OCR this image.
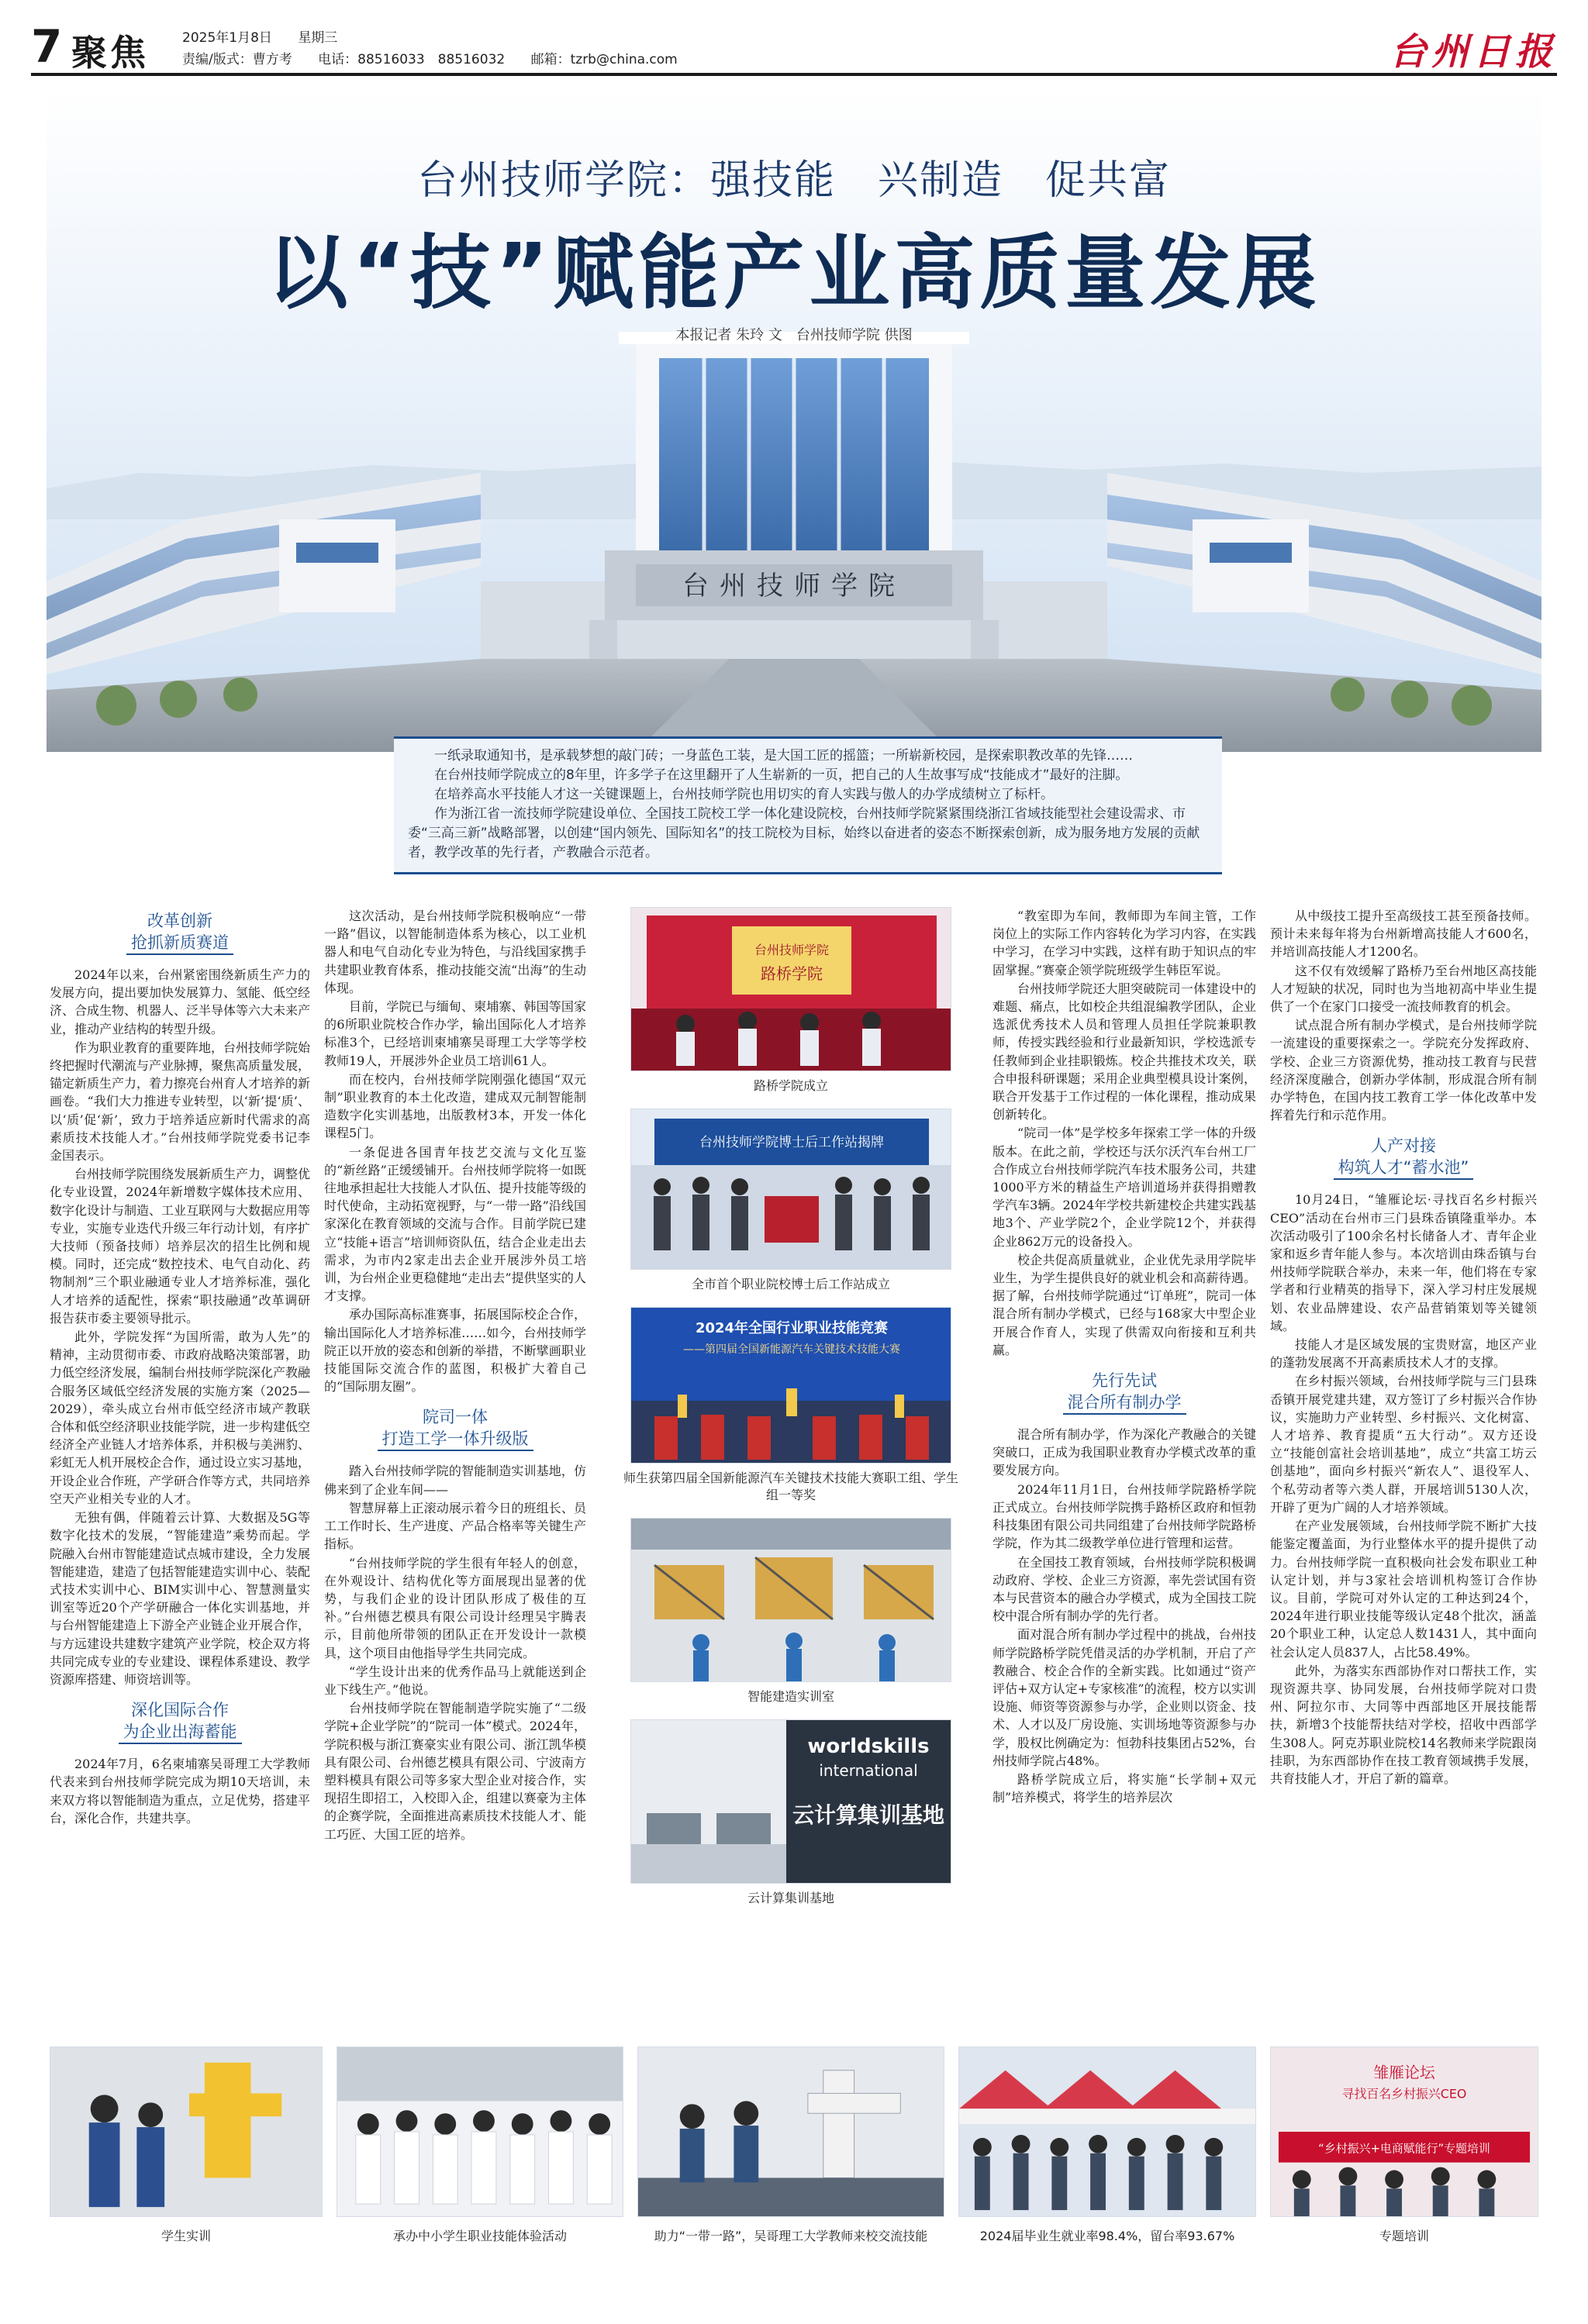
7 聚焦	2025年1月8日 星期三
责编/版式：曹方考 电话：88516033　88516032 邮箱：tzrb@china.com	台州日报
台州技师学院
台州技师学院：强技能　兴制造　促共富
以“技”赋能产业高质量发展
本报记者 朱玲 文　台州技师学院 供图

一纸录取通知书，是承载梦想的敲门砖；一身蓝色工装，是大国工匠的摇篮；一所崭新校园，是探索职教改革的先锋……

在台州技师学院成立的8年里，许多学子在这里翻开了人生崭新的一页，把自己的人生故事写成“技能成才”最好的注脚。

在培养高水平技能人才这一关键课题上，台州技师学院也用切实的育人实践与傲人的办学成绩树立了标杆。

作为浙江省一流技师学院建设单位、全国技工院校工学一体化建设院校，台州技师学院紧紧围绕浙江省域技能型社会建设需求、市委“三高三新”战略部署，以创建“国内领先、国际知名”的技工院校为目标，始终以奋进者的姿态不断探索创新，成为服务地方发展的贡献者，教学改革的先行者，产教融合示范者。

改革创新
抢抓新质赛道

2024年以来，台州紧密围绕新质生产力的发展方向，提出要加快发展算力、氢能、低空经济、合成生物、机器人、泛半导体等六大未来产业，推动产业结构的转型升级。

作为职业教育的重要阵地，台州技师学院始终把握时代潮流与产业脉搏，聚焦高质量发展，锚定新质生产力，着力擦亮台州育人才培养的新画卷。“我们大力推进专业转型，以‘新’提‘质’、以‘质’促‘新’，致力于培养适应新时代需求的高素质技术技能人才。”台州技师学院党委书记李金国表示。

台州技师学院围绕发展新质生产力，调整优化专业设置，2024年新增数字媒体技术应用、数字化设计与制造、工业互联网与大数据应用等专业，实施专业迭代升级三年行动计划，有序扩大技师（预备技师）培养层次的招生比例和规模。同时，还完成“数控技术、电气自动化、药物制剂”三个职业融通专业人才培养标准，强化人才培养的适配性，探索“职技融通”改革调研报告获市委主要领导批示。

此外，学院发挥“为国所需，敢为人先”的精神，主动贯彻市委、市政府战略决策部署，助力低空经济发展，编制台州技师学院深化产教融合服务区域低空经济发展的实施方案（2025—2029），牵头成立台州市低空经济市域产教联合体和低空经济职业技能学院，进一步构建低空经济全产业链人才培养体系，并积极与美洲豹、彩虹无人机开展校企合作，通过设立实习基地，开设企业合作班，产学研合作等方式，共同培养空天产业相关专业的人才。

无独有偶，伴随着云计算、大数据及5G等数字化技术的发展，“智能建造”乘势而起。学院融入台州市智能建造试点城市建设，全力发展智能建造，建造了包括智能建造实训中心、装配式技术实训中心、BIM实训中心、智慧测量实训室等近20个产学研融合一体化实训基地，并与台州智能建造上下游全产业链企业开展合作，与方远建设共建数字建筑产业学院，校企双方将共同完成专业的专业建设、课程体系建设、教学资源库搭建、师资培训等。

深化国际合作
为企业出海蓄能

2024年7月，6名柬埔寨吴哥理工大学教师代表来到台州技师学院完成为期10天培训，未来双方将以智能制造为重点，立足优势，搭建平台，深化合作，共建共享。

这次活动，是台州技师学院积极响应“一带一路”倡议，以智能制造体系为核心，以工业机器人和电气自动化专业为特色，与沿线国家携手共建职业教育体系，推动技能交流“出海”的生动体现。

目前，学院已与缅甸、柬埔寨、韩国等国家的6所职业院校合作办学，输出国际化人才培养标准3个，已经培训柬埔寨吴哥理工大学等学校教师19人，开展涉外企业员工培训61人。

而在校内，台州技师学院刚强化德国“双元制”职业教育的本土化改造，建成双元制智能制造数字化实训基地，出版教材3本，开发一体化课程5门。

一条促进各国青年技艺交流与文化互鉴的“新丝路”正缓缓铺开。台州技师学院将一如既往地承担起壮大技能人才队伍、提升技能等级的时代使命，主动拓宽视野，与“一带一路”沿线国家深化在教育领域的交流与合作。目前学院已建立“技能+语言”培训师资队伍，结合企业走出去需求，为市内2家走出去企业开展涉外员工培训，为台州企业更稳健地“走出去”提供坚实的人才支撑。

承办国际高标准赛事，拓展国际校企合作，输出国际化人才培养标准……如今，台州技师学院正以开放的姿态和创新的举措，不断擘画职业技能国际交流合作的蓝图，积极扩大着自己的“国际朋友圈”。

院司一体
打造工学一体升级版

踏入台州技师学院的智能制造实训基地，仿佛来到了企业车间——

智慧屏幕上正滚动展示着今日的班组长、员工工作时长、生产进度、产品合格率等关键生产指标。

“台州技师学院的学生很有年轻人的创意，在外观设计、结构优化等方面展现出显著的优势，与我们企业的设计团队形成了极佳的互补。”台州德艺模具有限公司设计经理吴宇腾表示，目前他所带领的团队正在开发设计一款模具，这个项目由他指导学生共同完成。

“学生设计出来的优秀作品马上就能送到企业下线生产。”他说。

台州技师学院在智能制造学院实施了“二级学院+企业学院”的“院司一体”模式。2024年，学院积极与浙江赛豪实业有限公司、浙江凯华模具有限公司、台州德艺模具有限公司、宁波南方塑料模具有限公司等多家大型企业对接合作，实现招生即招工，入校即入企，组建以赛豪为主体的企赛学院，全面推进高素质技术技能人才、能工巧匠、大国工匠的培养。

台州技师学院
路桥学院
路桥学院成立
台州技师学院博士后工作站揭牌
全市首个职业院校博士后工作站成立
2024年全国行业职业技能竞赛
——第四届全国新能源汽车关键技术技能大赛
师生获第四届全国新能源汽车关键技术技能大赛职工组、学生组一等奖
智能建造实训室
worldskills
international
云计算集训基地
云计算集训基地

“教室即为车间，教师即为车间主管，工作岗位上的实际工作内容转化为学习内容，在实践中学习，在学习中实践，这样有助于知识点的牢固掌握。”赛豪企领学院班级学生韩臣军说。

台州技师学院还大胆突破院司一体建设中的难题、痛点，比如校企共组混编教学团队，企业选派优秀技术人员和管理人员担任学院兼职教师，传授实践经验和行业最新知识，学校选派专任教师到企业挂职锻炼。校企共推技术攻关，联合申报科研课题；采用企业典型模具设计案例，联合开发基于工作过程的一体化课程，推动成果创新转化。

“院司一体”是学校多年探索工学一体的升级版本。在此之前，学校还与沃尔沃汽车台州工厂合作成立台州技师学院汽车技术服务公司，共建1000平方米的精益生产培训道场并获得捐赠教学汽车3辆。2024年学校共新建校企共建实践基地3个、产业学院2个，企业学院12个，并获得企业862万元的设备投入。

校企共促高质量就业，企业优先录用学院毕业生，为学生提供良好的就业机会和高薪待遇。据了解，台州技师学院通过“订单班”，院司一体混合所有制办学模式，已经与168家大中型企业开展合作育人，实现了供需双向衔接和互利共赢。

先行先试
混合所有制办学

混合所有制办学，作为深化产教融合的关键突破口，正成为我国职业教育办学模式改革的重要发展方向。

2024年11月1日，台州技师学院路桥学院正式成立。台州技师学院携手路桥区政府和恒勃科技集团有限公司共同组建了台州技师学院路桥学院，作为其二级教学单位进行管理和运营。

在全国技工教育领域，台州技师学院积极调动政府、学校、企业三方资源，率先尝试国有资本与民营资本的融合办学模式，成为全国技工院校中混合所有制办学的先行者。

面对混合所有制办学过程中的挑战，台州技师学院路桥学院凭借灵活的办学机制，开启了产教融合、校企合作的全新实践。比如通过“资产评估+双方认定+专家核准”的流程，校方以实训设施、师资等资源参与办学，企业则以资金、技术、人才以及厂房设施、实训场地等资源参与办学，股权比例确定为：恒勃科技集团占52%，台州技师学院占48%。

路桥学院成立后，将实施“长学制+双元制”培养模式，将学生的培养层次

从中级技工提升至高级技工甚至预备技师。预计未来每年将为台州新增高技能人才600名，并培训高技能人才1200名。

这不仅有效缓解了路桥乃至台州地区高技能人才短缺的状况，同时也为当地初高中毕业生提供了一个在家门口接受一流技师教育的机会。

试点混合所有制办学模式，是台州技师学院一流建设的重要探索之一。学院充分发挥政府、学校、企业三方资源优势，推动技工教育与民营经济深度融合，创新办学体制，形成混合所有制办学特色，在国内技工教育工学一体化改革中发挥着先行和示范作用。

人产对接
构筑人才“蓄水池”

10月24日，“雏雁论坛·寻找百名乡村振兴CEO”活动在台州市三门县珠岙镇隆重举办。本次活动吸引了100余名村长储备人才、青年企业家和返乡青年能人参与。本次培训由珠岙镇与台州技师学院联合举办，未来一年，他们将在专家学者和行业精英的指导下，深入学习村庄发展规划、农业品牌建设、农产品营销策划等关键领域。

技能人才是区域发展的宝贵财富，地区产业的蓬勃发展离不开高素质技术人才的支撑。

在乡村振兴领域，台州技师学院与三门县珠岙镇开展党建共建，双方签订了乡村振兴合作协议，实施助力产业转型、乡村振兴、文化树富、人才培养、教育提质“五大行动”。双方还设立“技能创富社会培训基地”，成立“共富工坊云创基地”，面向乡村振兴“新农人”、退役军人、个私劳动者等六类人群，开展培训5130人次，开辟了更为广阔的人才培养领域。

在产业发展领域，台州技师学院不断扩大技能鉴定覆盖面，为行业整体水平的提升提供了动力。台州技师学院一直积极向社会发布职业工种认定计划，并与3家社会培训机构签订合作协议。目前，学院可对外认定的工种达到24个，2024年进行职业技能等级认定48个批次，涵盖20个职业工种，认定总人数1431人，其中面向社会认定人员837人，占比58.49%。

此外，为落实东西部协作对口帮扶工作，实现资源共享、协同发展，台州技师学院对口贵州、阿拉尔市、大同等中西部地区开展技能帮扶，新增3个技能帮扶结对学校，招收中西部学生308人。阿克苏职业院校14名教师来学院跟岗挂职，为东西部协作在技工教育领域携手发展，共育技能人才，开启了新的篇章。

学生实训	承办中小学生职业技能体验活动	助力“一带一路”，吴哥理工大学教师来校交流技能	2024届毕业生就业率98.4%，留台率93.67%
雏雁论坛
寻找百名乡村振兴CEO
“乡村振兴+电商赋能行”专题培训
专题培训
